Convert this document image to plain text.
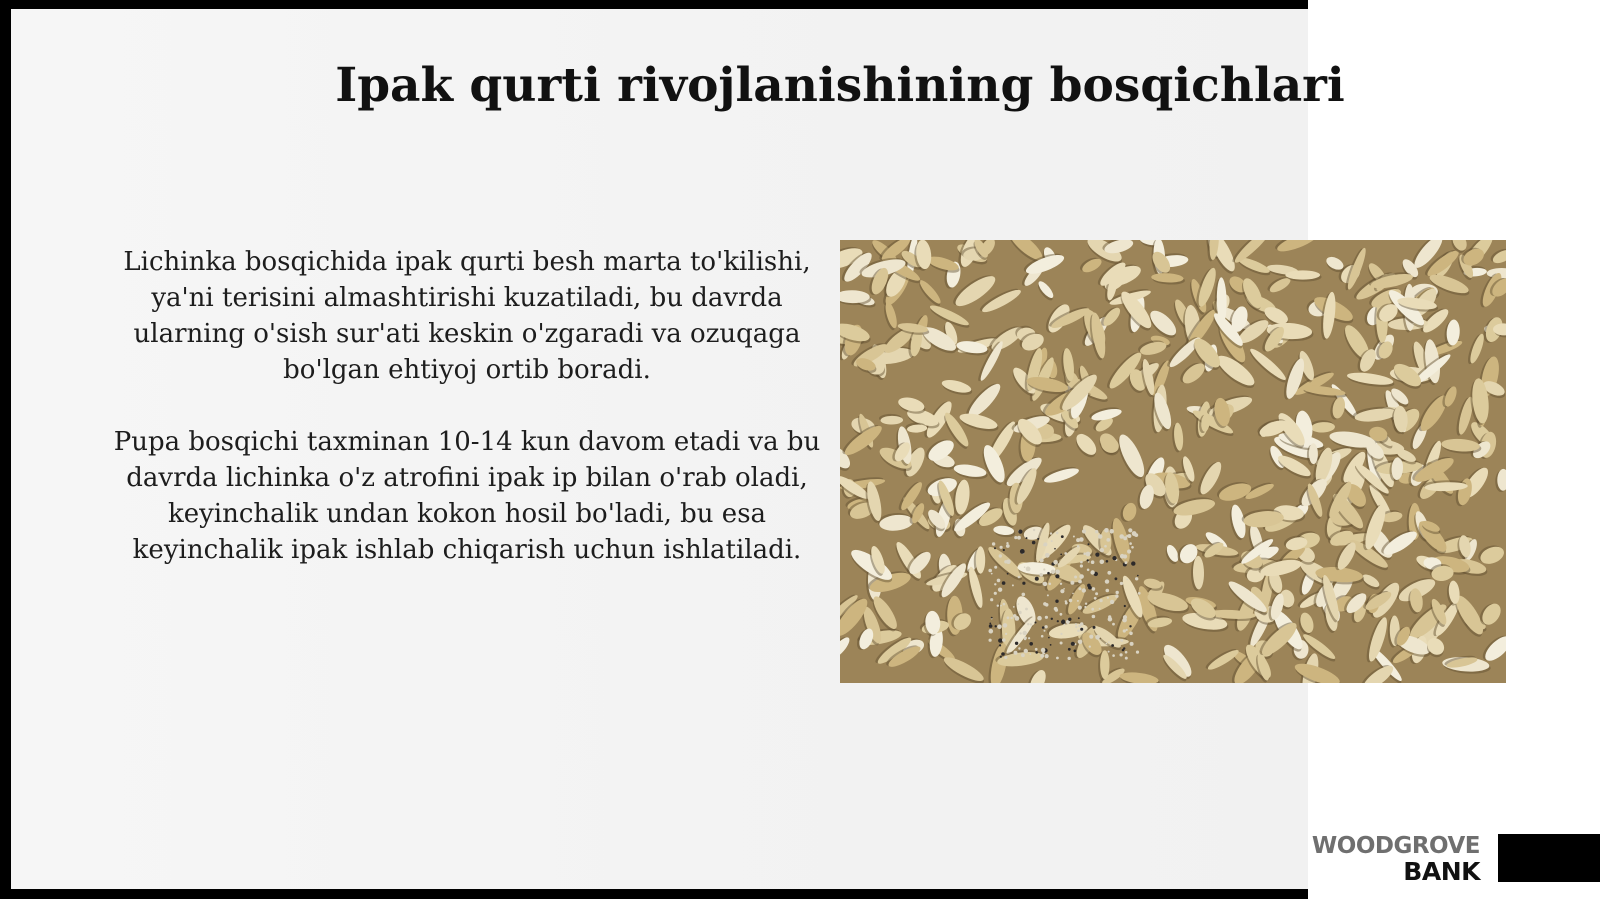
Ipak qurti rivojlanishining bosqichlari

Lichinka bosqichida ipak qurti besh marta to'kilishi, ya'ni terisini almashtirishi kuzatiladi, bu davrda ularning o'sish sur'ati keskin o'zgaradi va ozuqaga bo'lgan ehtiyoj ortib boradi.

Pupa bosqichi taxminan 10-14 kun davom etadi va bu davrda lichinka o'z atrofini ipak ip bilan o'rab oladi, keyinchalik undan kokon hosil bo'ladi, bu esa keyinchalik ipak ishlab chiqarish uchun ishlatiladi.

WOODGROVE
BANK
